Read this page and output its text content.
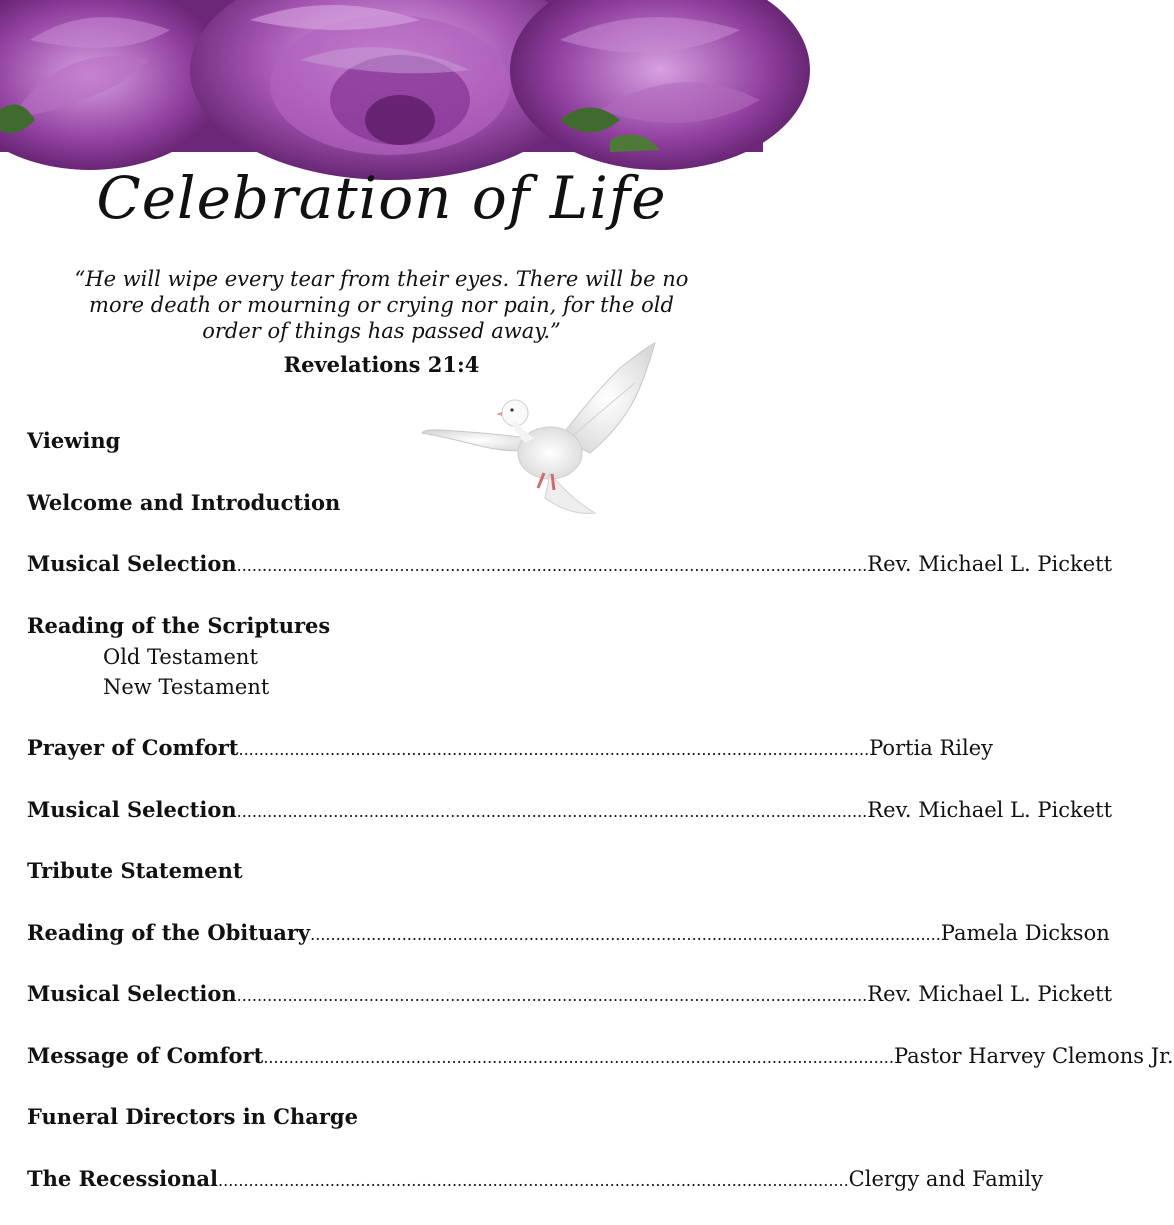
Celebration of Life
“He will wipe every tear from their eyes. There will be no more death or mourning or crying nor pain, for the old order of things has passed away.”
Revelations 21:4
Viewing
Welcome and Introduction
Musical Selection ............................................................................................................................ Rev. Michael L. Pickett
Reading of the Scriptures
Old Testament
New Testament
Prayer of Comfort ............................................................................................................................ Portia Riley
Musical Selection ............................................................................................................................ Rev. Michael L. Pickett
Tribute Statement
Reading of the Obituary ............................................................................................................................ Pamela Dickson
Musical Selection ............................................................................................................................ Rev. Michael L. Pickett
Message of Comfort ............................................................................................................................ Pastor Harvey Clemons Jr.
Funeral Directors in Charge
The Recessional ............................................................................................................................ Clergy and Family
